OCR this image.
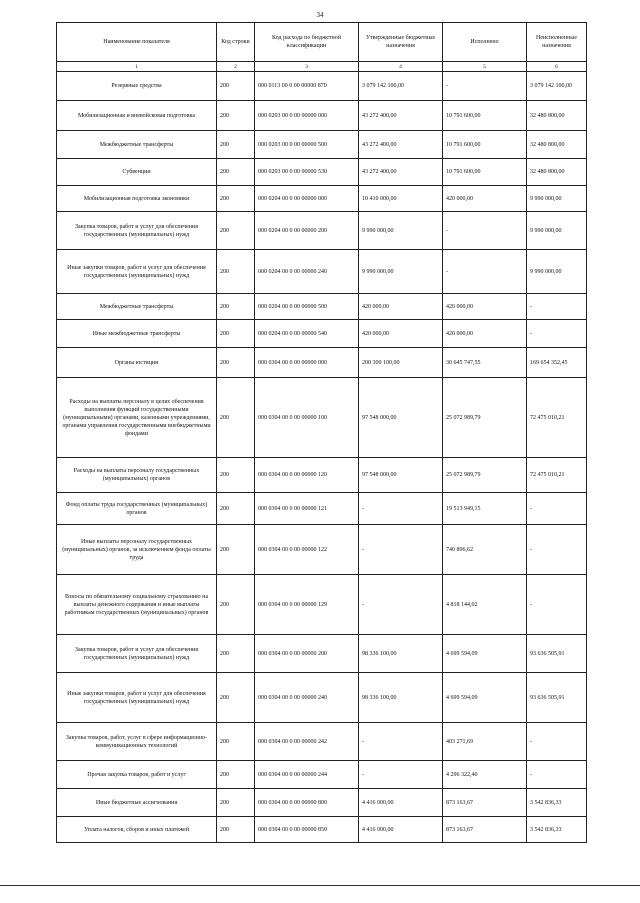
34
Наименование показателя	Код строки	Код расхода по бюджетной классификации	Утвержденные бюджетные назначения	Исполнено	Неисполненные назначения
1	2	3	4	5	6
Резервные средства	200	000 0113 00 0 00 00000 870	3 079 142 100,00	-	3 079 142 100,00
Мобилизационная и вневойсковая подготовка	200	000 0203 00 0 00 00000 000	43 272 400,00	10 791 600,00	32 480 800,00
Межбюджетные трансферты	200	000 0203 00 0 00 00000 500	43 272 400,00	10 791 600,00	32 480 800,00
Субвенции	200	000 0203 00 0 00 00000 530	43 272 400,00	10 791 600,00	32 480 800,00
Мобилизационная подготовка экономики	200	000 0204 00 0 00 00000 000	10 410 000,00	420 000,00	9 990 000,00
Закупка товаров, работ и услуг для обеспечения государственных (муниципальных) нужд	200	000 0204 00 0 00 00000 200	9 990 000,00	-	9 990 000,00
Иные закупки товаров, работ и услуг для обеспечения государственных (муниципальных) нужд	200	000 0204 00 0 00 00000 240	9 990 000,00	-	9 990 000,00
Межбюджетные трансферты	200	000 0204 00 0 00 00000 500	420 000,00	420 000,00	-
Иные межбюджетные трансферты	200	000 0204 00 0 00 00000 540	420 000,00	420 000,00	-
Органы юстиции	200	000 0304 00 0 00 00000 000	200 300 100,00	30 645 747,55	169 654 352,45
Расходы на выплаты персоналу в целях обеспечения выполнения функций государственными (муниципальными) органами, казенными учреждениями, органами управления государственными внебюджетными фондами	200	000 0304 00 0 00 00000 100	97 548 000,00	25 072 989,79	72 475 010,21
Расходы на выплаты персоналу государственных (муниципальных) органов	200	000 0304 00 0 00 00000 120	97 548 000,00	25 072 989,79	72 475 010,21
Фонд оплаты труда государственных (муниципальных) органов	200	000 0304 00 0 00 00000 121	-	19 513 949,15	-
Иные выплаты персоналу государственных (муниципальных) органов, за исключением фонда оплаты труда	200	000 0304 00 0 00 00000 122	-	740 896,62	-
Взносы по обязательному социальному страхованию на выплаты денежного содержания и иные выплаты работникам государственных (муниципальных) органов	200	000 0304 00 0 00 00000 129	-	4 818 144,02	-
Закупка товаров, работ и услуг для обеспечения государственных (муниципальных) нужд	200	000 0304 00 0 00 00000 200	98 336 100,00	4 699 594,09	93 636 505,91
Иные закупки товаров, работ и услуг для обеспечения государственных (муниципальных) нужд	200	000 0304 00 0 00 00000 240	98 336 100,00	4 699 594,09	93 636 505,91
Закупка товаров, работ, услуг в сфере информационно-коммуникационных технологий	200	000 0304 00 0 00 00000 242	-	403 271,69	-
Прочая закупка товаров, работ и услуг	200	000 0304 00 0 00 00000 244	-	4 296 322,40	-
Иные бюджетные ассигнования	200	000 0304 00 0 00 00000 800	4 416 000,00	873 163,67	3 542 836,33
Уплата налогов, сборов и иных платежей	200	000 0304 00 0 00 00000 850	4 416 000,00	873 163,67	3 542 836,33
